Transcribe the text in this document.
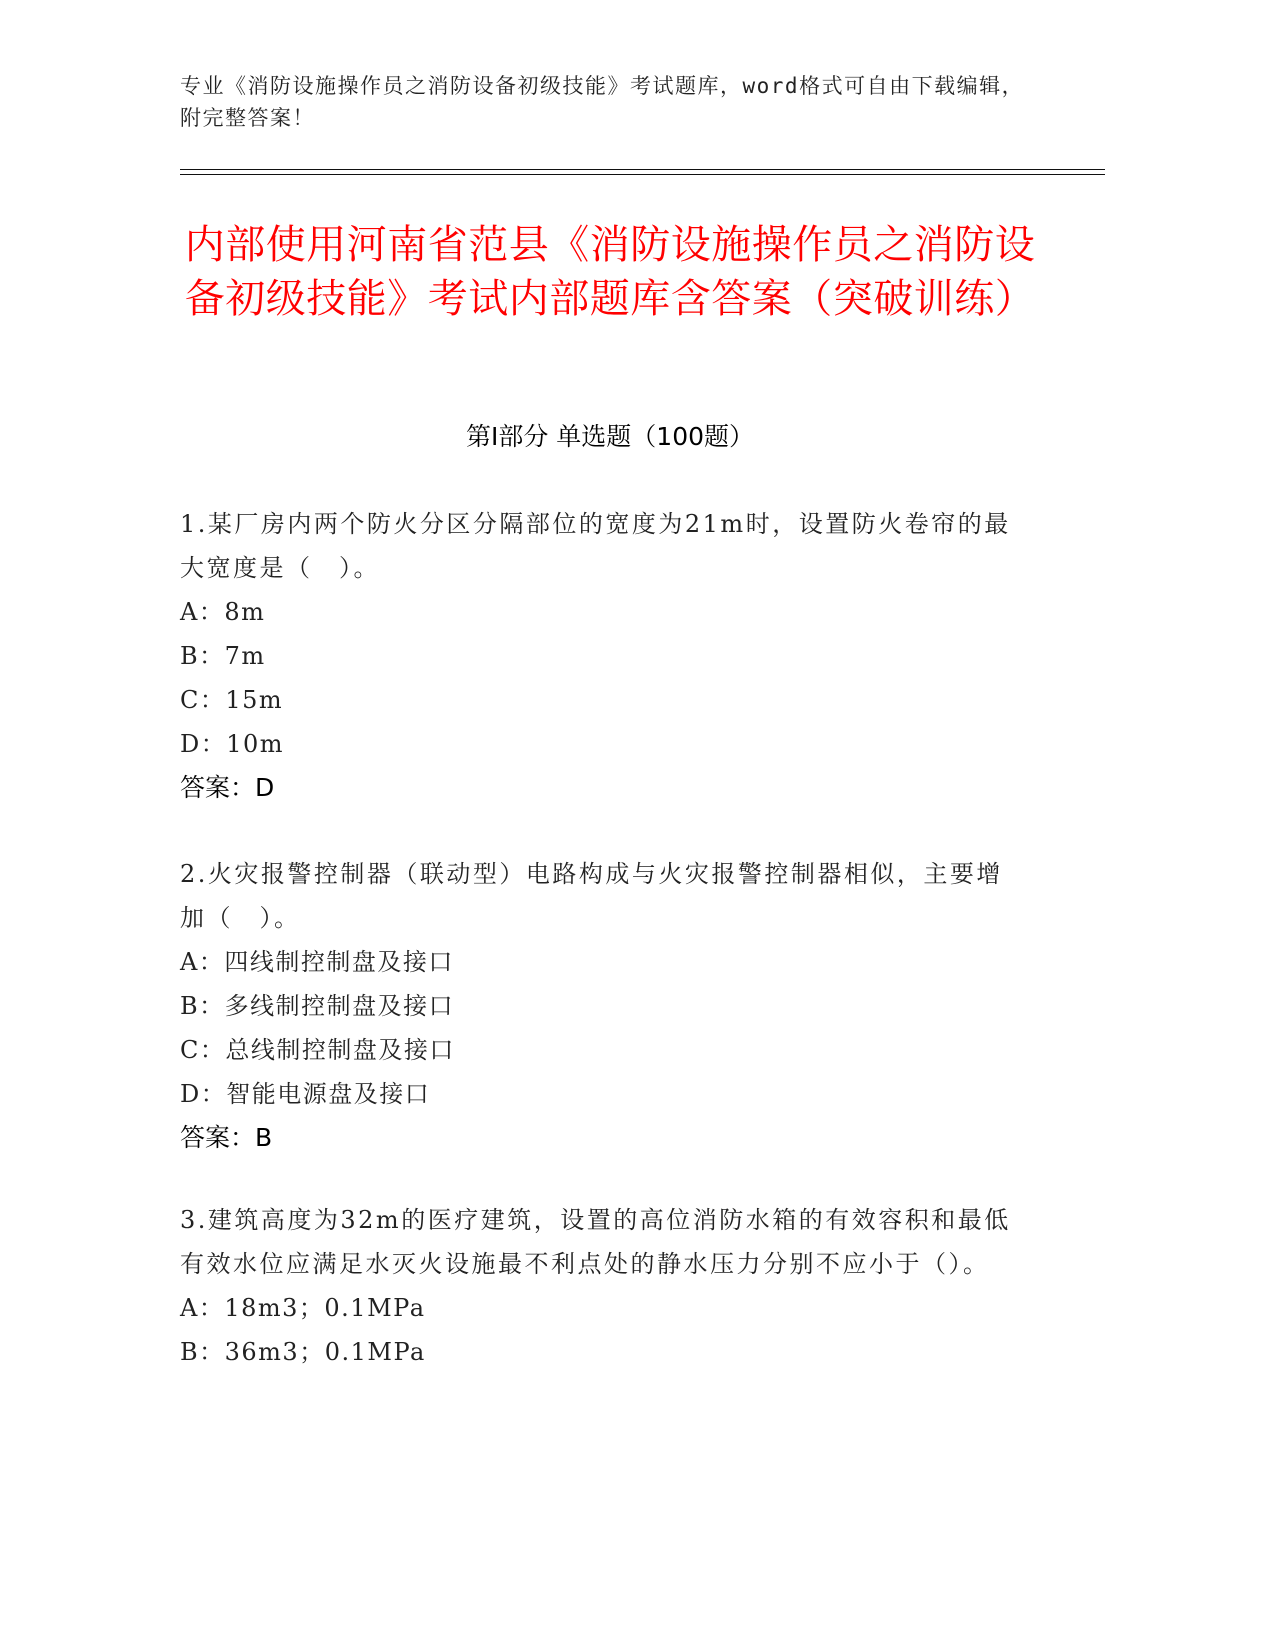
专业《消防设施操作员之消防设备初级技能》考试题库，word格式可自由下载编辑，附完整答案！
内部使用河南省范县《消防设施操作员之消防设备初级技能》考试内部题库含答案（突破训练）
第Ⅰ部分 单选题（100题）

1.某厂房内两个防火分区分隔部位的宽度为21m时，设置防火卷帘的最大宽度是（　）。

A：8m

B：7m

C：15m

D：10m

答案：D

2.火灾报警控制器（联动型）电路构成与火灾报警控制器相似，主要增加（　）。

A：四线制控制盘及接口

B：多线制控制盘及接口

C：总线制控制盘及接口

D：智能电源盘及接口

答案：B

3.建筑高度为32m的医疗建筑，设置的高位消防水箱的有效容积和最低有效水位应满足水灭火设施最不利点处的静水压力分别不应小于（）。

A：18m3；0.1MPa

B：36m3；0.1MPa
